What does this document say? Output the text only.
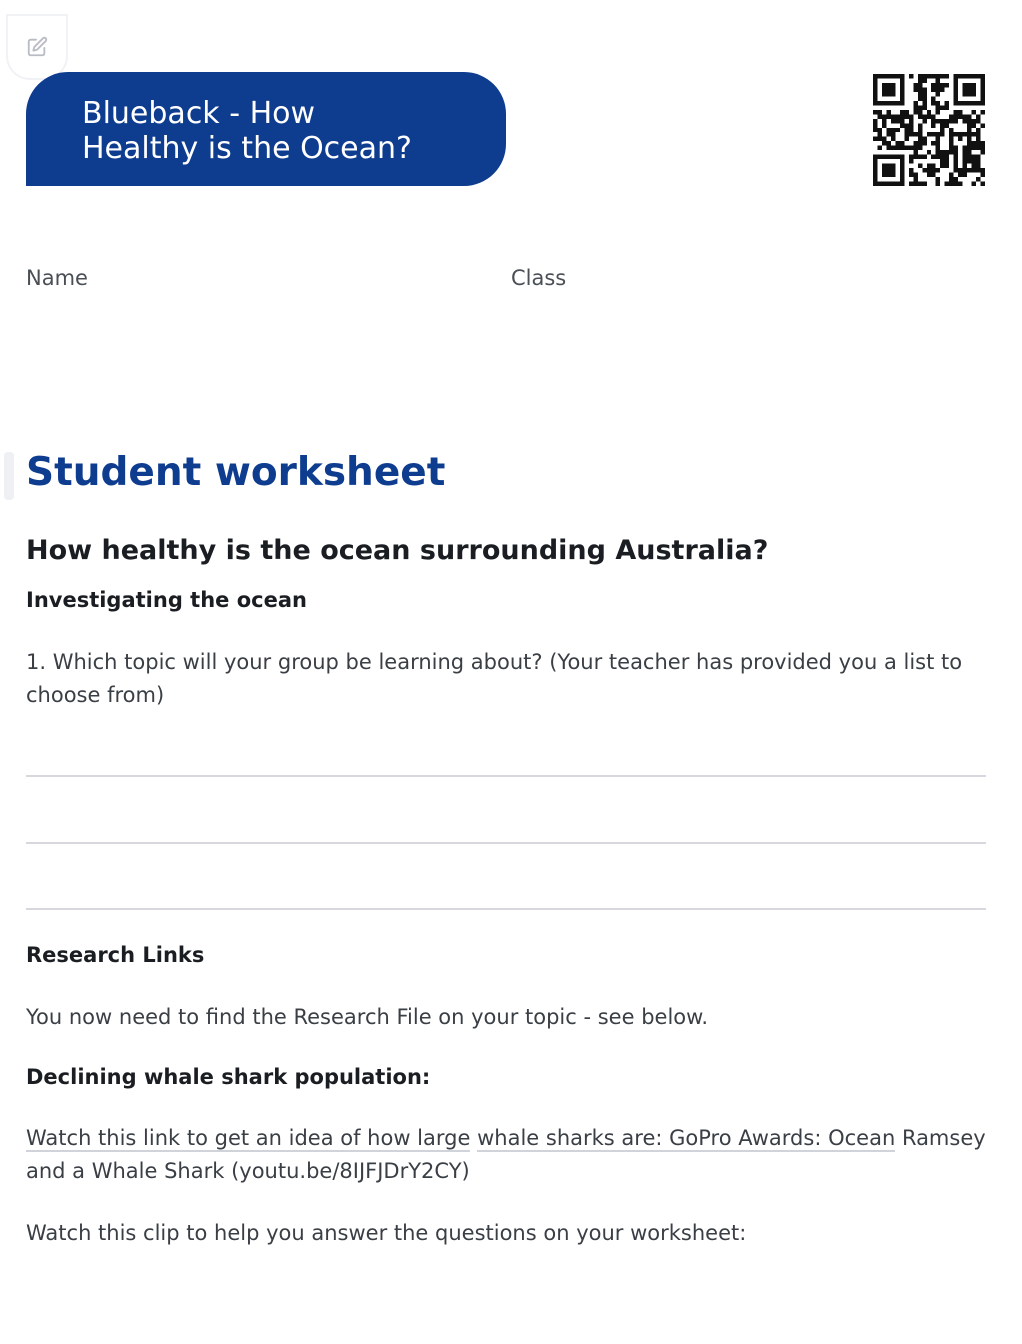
Blueback - How
Healthy is the Ocean?
Name	Class
Student worksheet
How healthy is the ocean surrounding Australia?
Investigating the ocean
1. Which topic will your group be learning about? (Your teacher has provided you a list to choose from)
Research Links
You now need to find the Research File on your topic - see below.
Declining whale shark population:
Watch this link to get an idea of how large whale sharks are: GoPro Awards: Ocean Ramsey and a Whale Shark (youtu.be/8IJFJDrY2CY)
Watch this clip to help you answer the questions on your worksheet:
